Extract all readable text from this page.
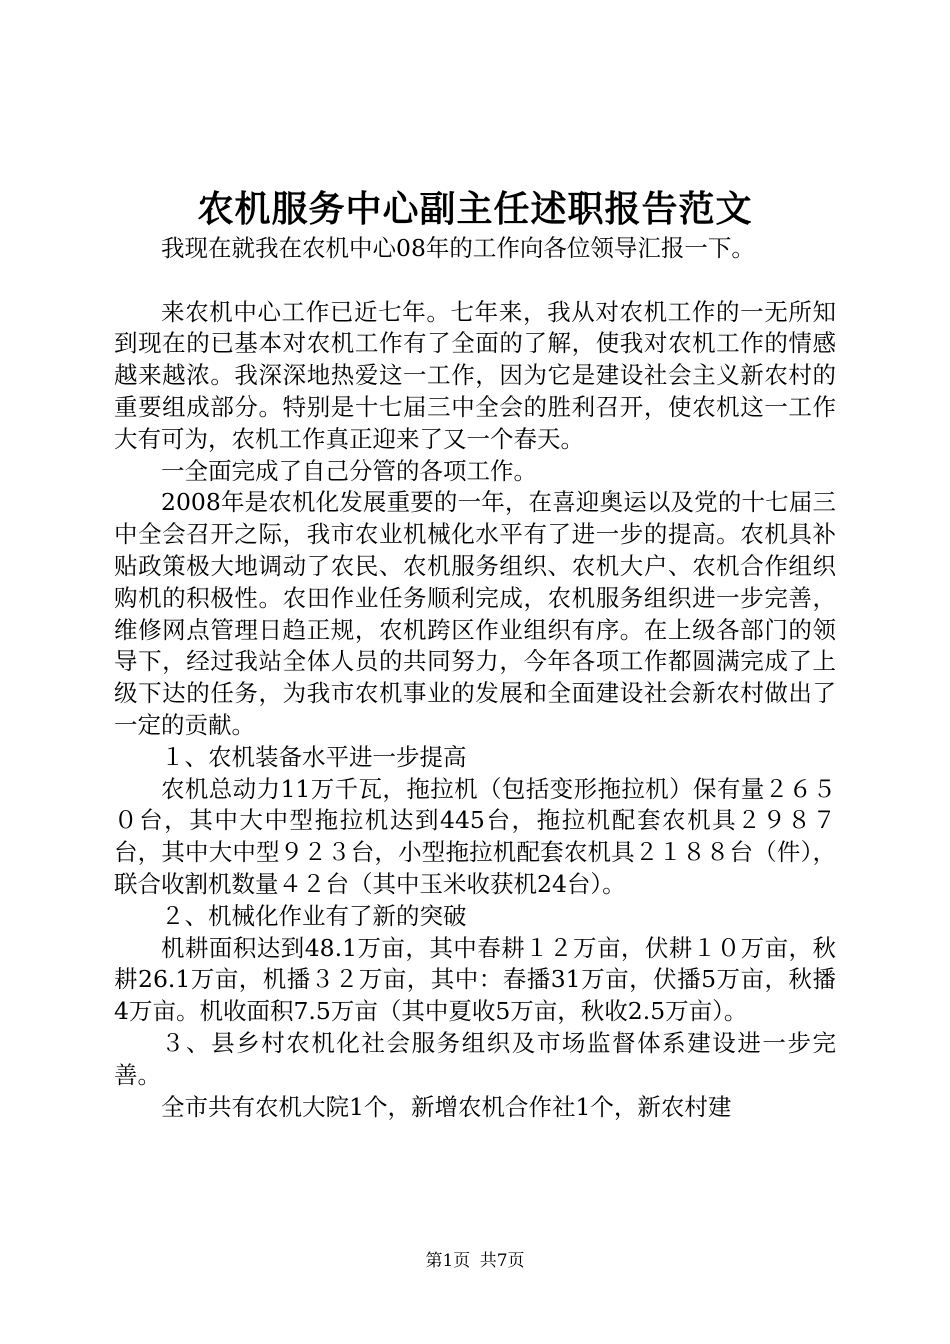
农机服务中心副主任述职报告范文

我现在就我在农机中心08年的工作向各位领导汇报一下。

来农机中心工作已近七年。七年来，我从对农机工作的一无所知到现在的已基本对农机工作有了全面的了解，使我对农机工作的情感越来越浓。我深深地热爱这一工作，因为它是建设社会主义新农村的重要组成部分。特别是十七届三中全会的胜利召开，使农机这一工作大有可为，农机工作真正迎来了又一个春天。

一全面完成了自己分管的各项工作。

2008年是农机化发展重要的一年，在喜迎奥运以及党的十七届三中全会召开之际，我市农业机械化水平有了进一步的提高。农机具补贴政策极大地调动了农民、农机服务组织、农机大户、农机合作组织购机的积极性。农田作业任务顺利完成，农机服务组织进一步完善，维修网点管理日趋正规，农机跨区作业组织有序。在上级各部门的领导下，经过我站全体人员的共同努力，今年各项工作都圆满完成了上级下达的任务，为我市农机事业的发展和全面建设社会新农村做出了一定的贡献。

１、农机装备水平进一步提高

农机总动力11万千瓦，拖拉机（包括变形拖拉机）保有量２６５０台，其中大中型拖拉机达到445台，拖拉机配套农机具２９８７台，其中大中型９２３台，小型拖拉机配套农机具２１８８台（件），联合收割机数量４２台（其中玉米收获机24台）。

２、机械化作业有了新的突破

机耕面积达到48.1万亩，其中春耕１２万亩，伏耕１０万亩，秋耕26.1万亩，机播３２万亩，其中：春播31万亩，伏播5万亩，秋播4万亩。机收面积7.5万亩（其中夏收5万亩，秋收2.5万亩）。

３、县乡村农机化社会服务组织及市场监督体系建设进一步完善。

全市共有农机大院1个，新增农机合作社1个，新农村建

第1页 共7页
